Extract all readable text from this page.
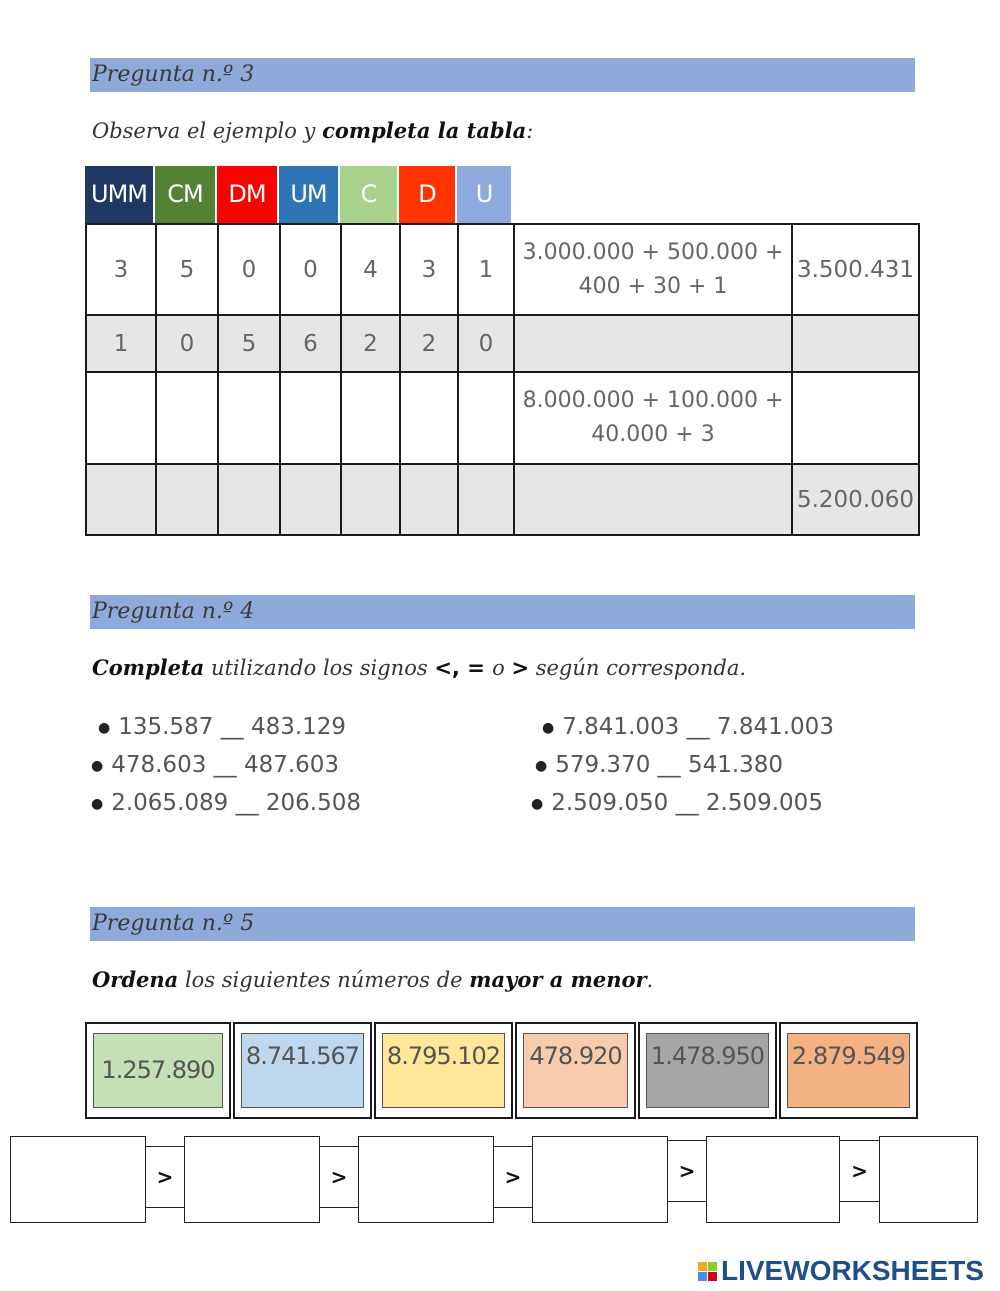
Pregunta n.º 3
Observa el ejemplo y completa la tabla:
UMM CM	DM	UM	C	D	U
3	5	0	0	4	3	1	3.000.000 + 500.000 +
400 + 30 + 1	3.500.431
1	0	5	6	2	2	0		

							8.000.000 + 100.000 +
40.000 + 3	

								5.200.060
Pregunta n.º 4
Completa utilizando los signos <, = o > según corresponda.
● 135.587 __ 483.129
● 478.603 __ 487.603
● 2.065.089 __ 206.508
● 7.841.003 __ 7.841.003
● 579.370 __ 541.380
● 2.509.050 __ 2.509.005
Pregunta n.º 5
Ordena los siguientes números de mayor a menor.
1.257.890	8.741.567 8.795.102 478.920 1.478.950 2.879.549
>	>	>	>	>
LIVEWORKSHEETS
